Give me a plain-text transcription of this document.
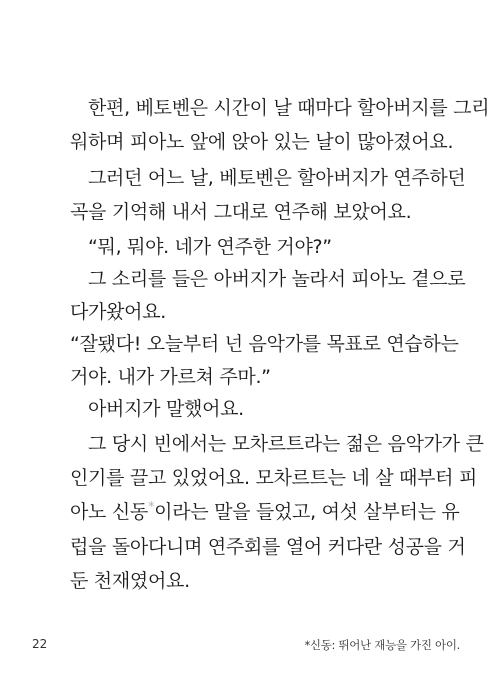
한편, 베토벤은 시간이 날 때마다 할아버지를 그리
워하며 피아노 앞에 앉아 있는 날이 많아졌어요.
그러던 어느 날, 베토벤은 할아버지가 연주하던
곡을 기억해 내서 그대로 연주해 보았어요.
“뭐, 뭐야. 네가 연주한 거야?”
그 소리를 들은 아버지가 놀라서 피아노 곁으로
다가왔어요.
“잘됐다! 오늘부터 넌 음악가를 목표로 연습하는
거야. 내가 가르쳐 주마.”
아버지가 말했어요.
그 당시 빈에서는 모차르트라는 젊은 음악가가 큰
인기를 끌고 있었어요. 모차르트는 네 살 때부터 피
아노 신동* 이라는 말을 들었고, 여섯 살부터는 유
럽을 돌아다니며 연주회를 열어 커다란 성공을 거
둔 천재였어요.
22	*신동: 뛰어난 재능을 가진 아이.
